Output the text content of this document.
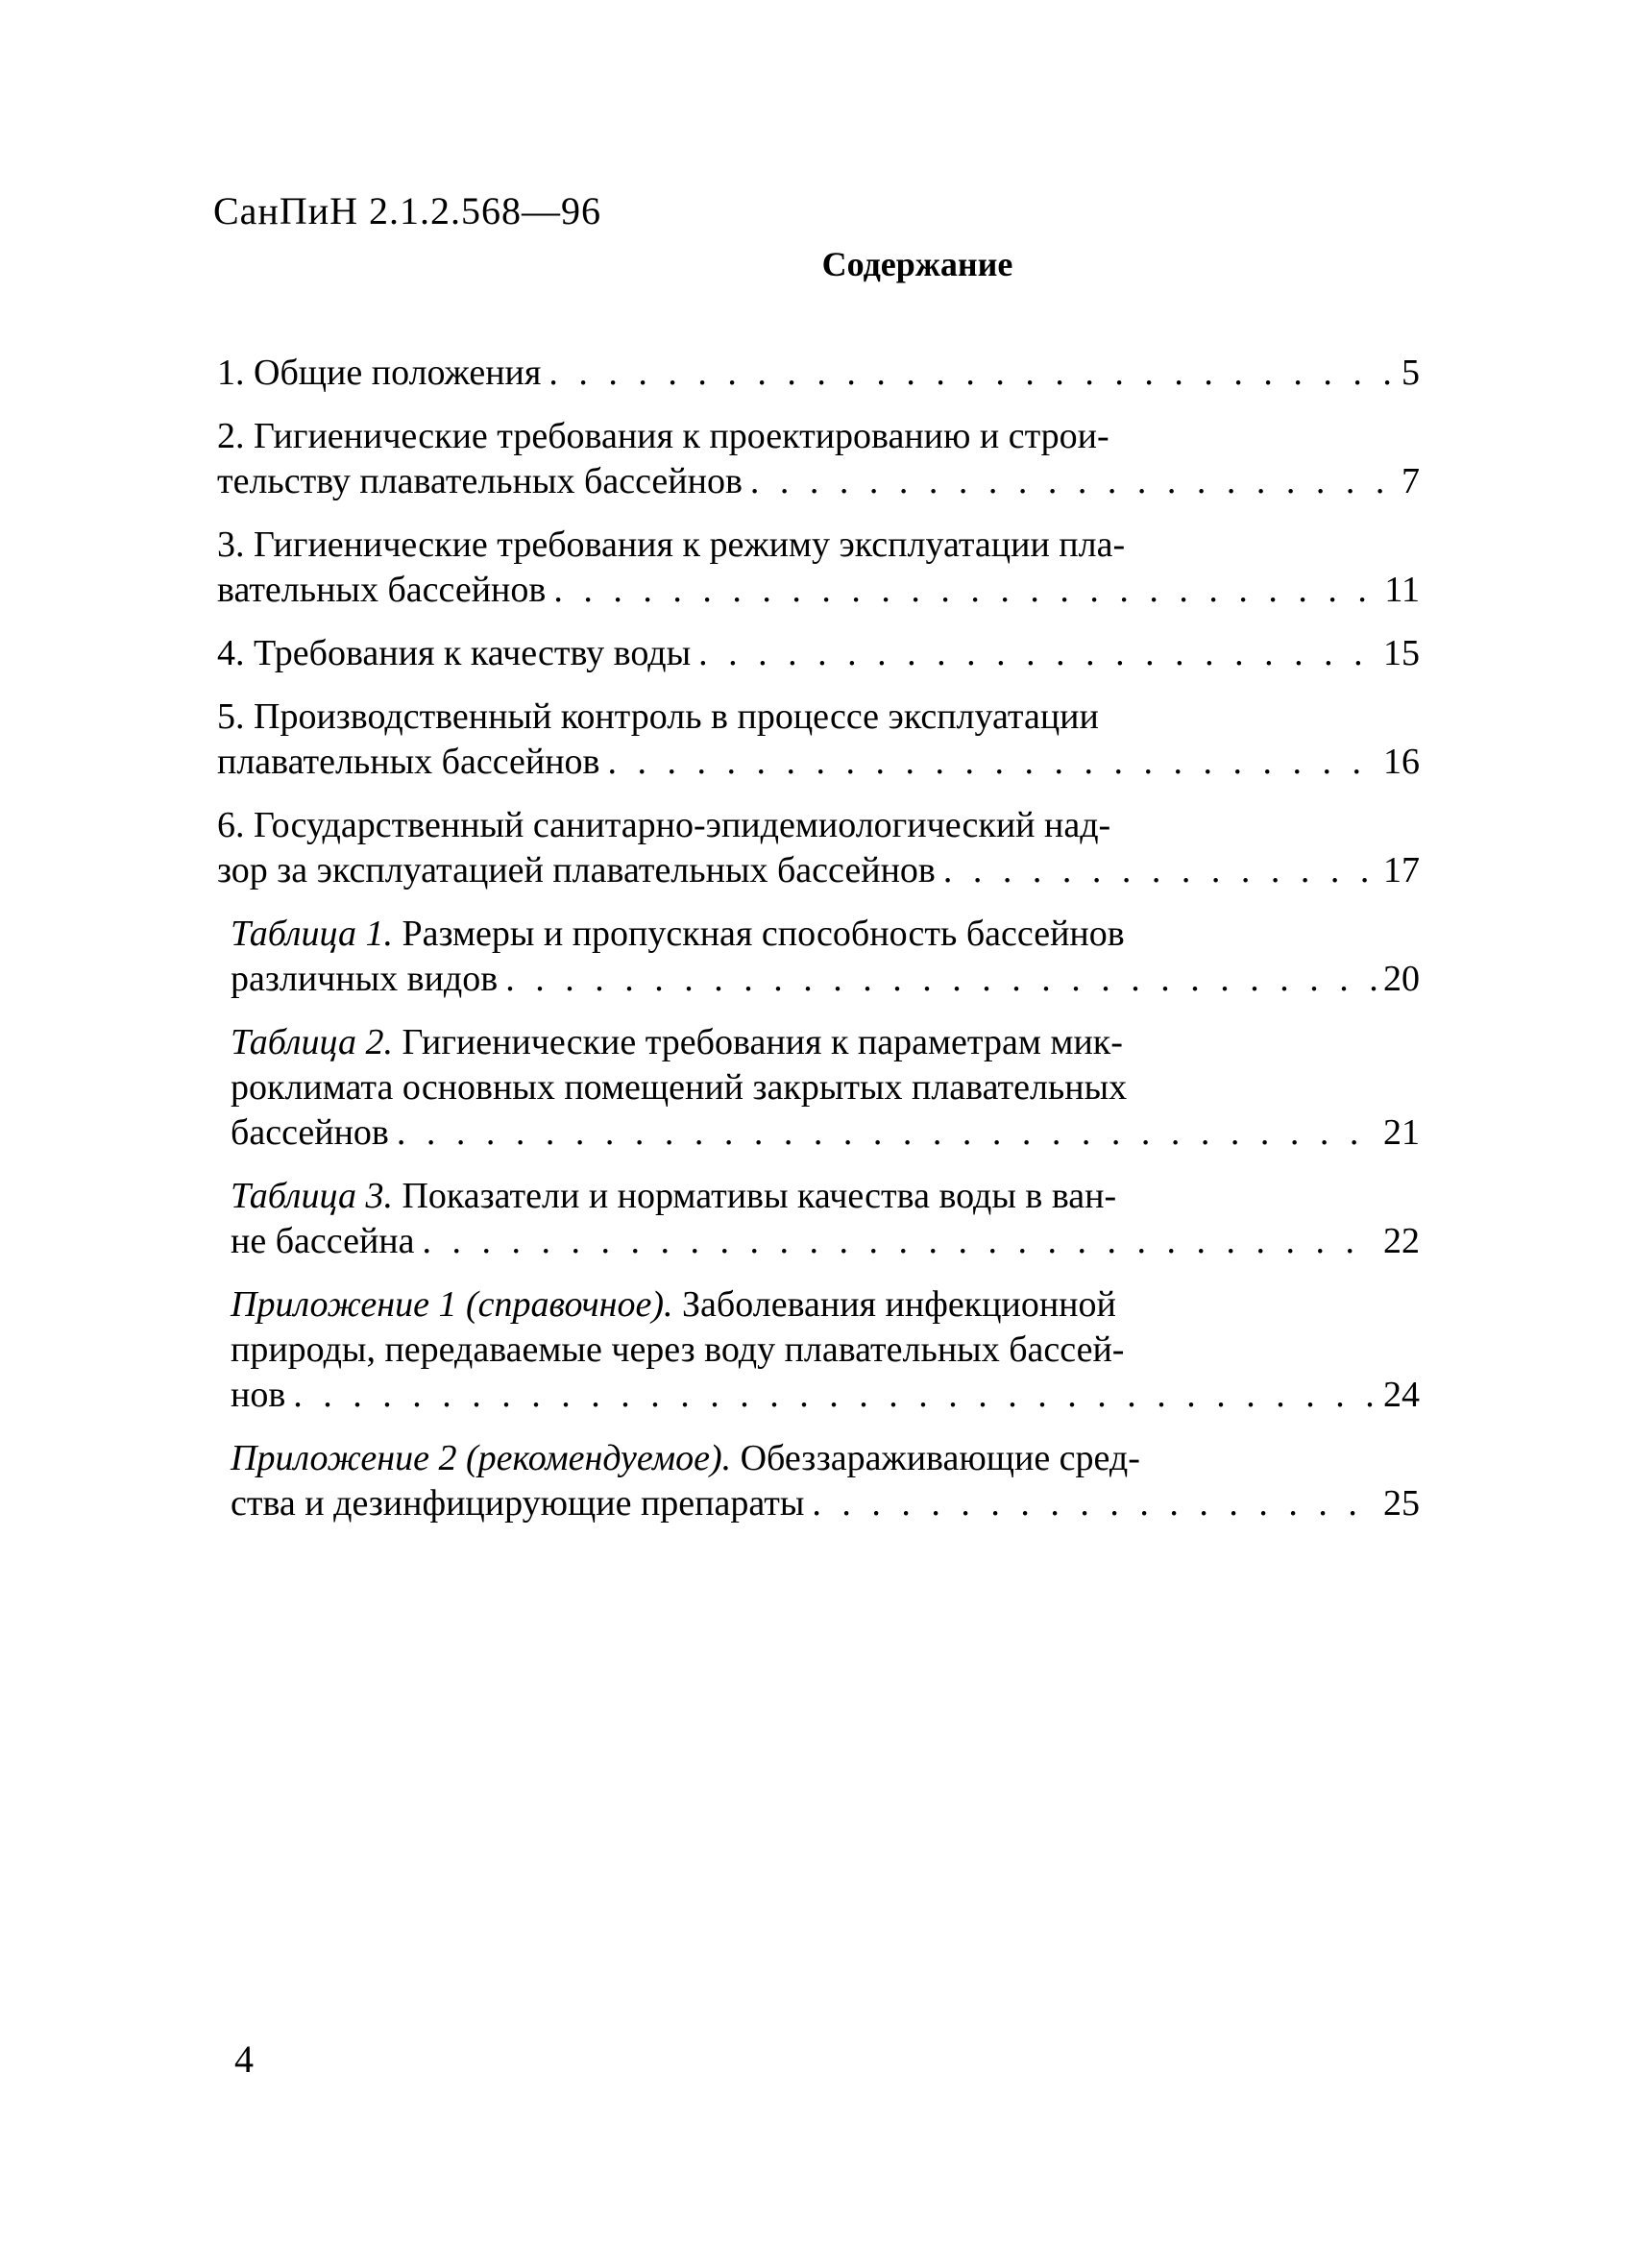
СанПиН 2.1.2.568—96
Содержание
1. Общие положения . . .	5
2. Гигиенические требования к проектированию и строи-
тельству плавательных бассейнов . . .	7
3. Гигиенические требования к режиму эксплуатации пла-
вательных бассейнов . . .	11
4. Требования к качеству воды . . .	15
5. Производственный контроль в процессе эксплуатации
плавательных бассейнов . . .	16
6. Государственный санитарно-эпидемиологический над-
зор за эксплуатацией плавательных бассейнов . . .	17
Таблица 1. Размеры и пропускная способность бассейнов
различных видов . . .	20
Таблица 2. Гигиенические требования к параметрам мик-
роклимата основных помещений закрытых плавательных
бассейнов . . .	21
Таблица 3. Показатели и нормативы качества воды в ван-
не бассейна . . .	22
Приложение 1 (справочное). Заболевания инфекционной
природы, передаваемые через воду плавательных бассей-
нов . . .	24
Приложение 2 (рекомендуемое). Обеззараживающие сред-
ства и дезинфицирующие препараты . . .	25
4
